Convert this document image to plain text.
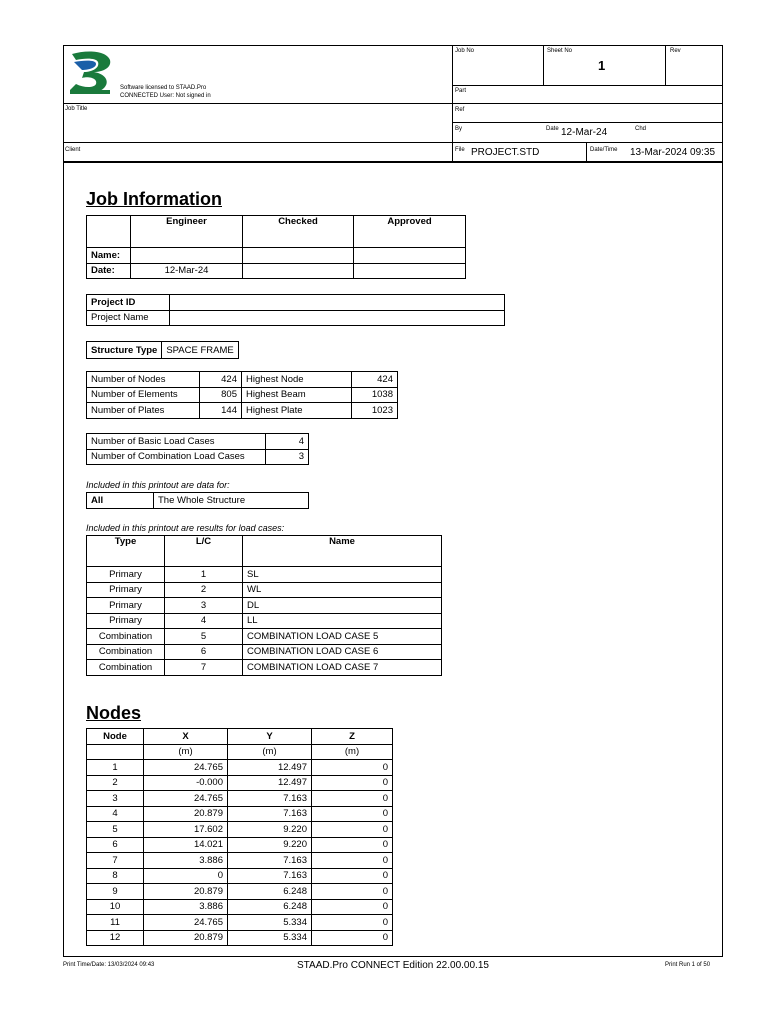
Software licensed to STAAD.Pro
CONNECTED User: Not signed in
Job No	Sheet No
1
Rev
Part
Job Title	Ref
By	Date 12-Mar-24	Chd
Client	File PROJECT.STD	Date/Time 13-Mar-2024 09:35
Job Information
	Engineer	Checked	Approved
Name:			
Date:	12-Mar-24		
Project ID	
Project Name	
Structure Type	SPACE FRAME
Number of Nodes	424	Highest Node	424
Number of Elements	805	Highest Beam	1038
Number of Plates	144	Highest Plate	1023
Number of Basic Load Cases	4
Number of Combination Load Cases	3
Included in this printout are data for:
All	The Whole Structure
Included in this printout are results for load cases:
Type	L/C	Name
Primary	1	SL
Primary	2	WL
Primary	3	DL
Primary	4	LL
Combination	5	COMBINATION LOAD CASE 5
Combination	6	COMBINATION LOAD CASE 6
Combination	7	COMBINATION LOAD CASE 7
Nodes
Node	X	Y	Z
	(m)	(m)	(m)
1	24.765	12.497	0
2	-0.000	12.497	0
3	24.765	7.163	0
4	20.879	7.163	0
5	17.602	9.220	0
6	14.021	9.220	0
7	3.886	7.163	0
8	0	7.163	0
9	20.879	6.248	0
10	3.886	6.248	0
11	24.765	5.334	0
12	20.879	5.334	0
Print Time/Date: 13/03/2024 09:43	STAAD.Pro CONNECT Edition 22.00.00.15	Print Run 1 of 50
